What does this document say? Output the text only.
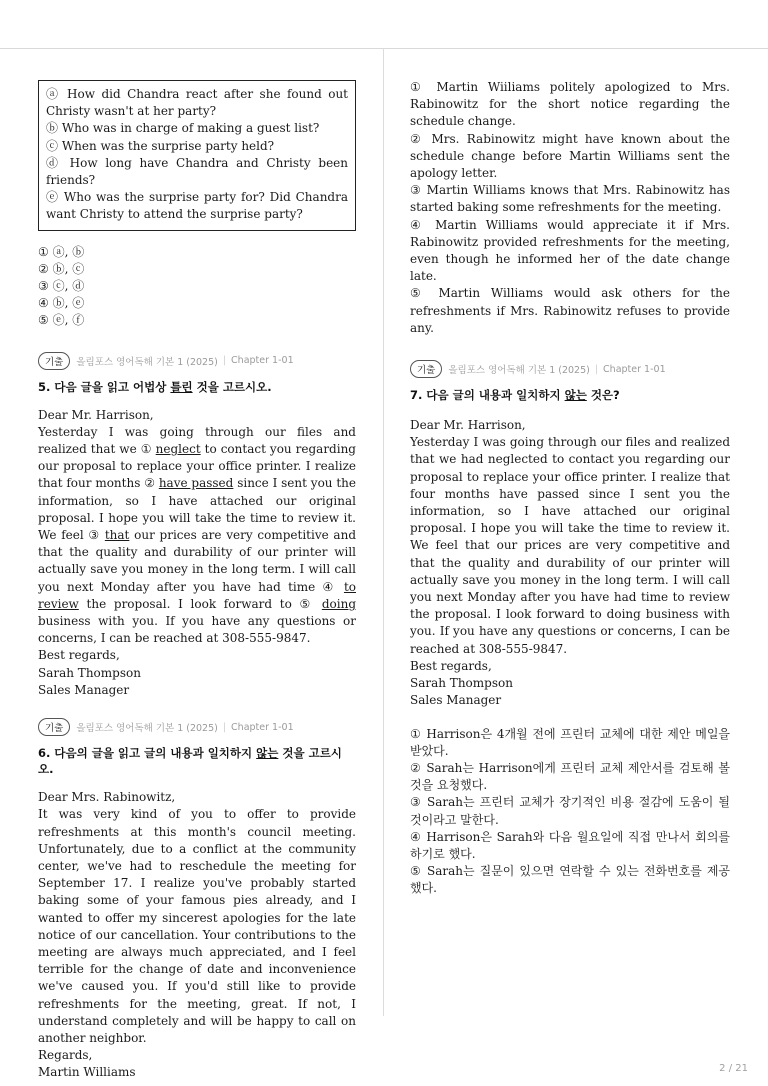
ⓐ How did Chandra react after she found out Christy wasn't at her party?
ⓑ Who was in charge of making a guest list?
ⓒ When was the surprise party held?
ⓓ How long have Chandra and Christy been friends?
ⓔ Who was the surprise party for? Did Chandra want Christy to attend the surprise party?
① ⓐ, ⓑ
② ⓑ, ⓒ
③ ⓒ, ⓓ
④ ⓑ, ⓔ
⑤ ⓔ, ⓕ
기출	올림포스 영어독해 기본 1 (2025) | Chapter 1-01
5. 다음 글을 읽고 어법상 틀린 것을 고르시오.

Dear Mr. Harrison,

Yesterday I was going through our files and realized that we ① neglect to contact you regarding our proposal to replace your office printer. I realize that four months ② have passed since I sent you the information, so I have attached our original proposal. I hope you will take the time to review it. We feel ③ that our prices are very competitive and that the quality and durability of our printer will actually save you money in the long term. I will call you next Monday after you have had time ④ to review the proposal. I look forward to ⑤ doing business with you. If you have any questions or concerns, I can be reached at 308-555-9847.

Best regards,

Sarah Thompson

Sales Manager

기출	올림포스 영어독해 기본 1 (2025) | Chapter 1-01
6. 다음의 글을 읽고 글의 내용과 일치하지 않는 것을 고르시오.

Dear Mrs. Rabinowitz,

It was very kind of you to offer to provide refreshments at this month's council meeting. Unfortunately, due to a conflict at the community center, we've had to reschedule the meeting for September 17. I realize you've probably started baking some of your famous pies already, and I wanted to offer my sincerest apologies for the late notice of our cancellation. Your contributions to the meeting are always much appreciated, and I feel terrible for the change of date and inconvenience we've caused you. If you'd still like to provide refreshments for the meeting, great. If not, I understand completely and will be happy to call on another neighbor.

Regards,

Martin Williams

① Martin Wiiliams politely apologized to Mrs. Rabinowitz for the short notice regarding the schedule change.

② Mrs. Rabinowitz might have known about the schedule change before Martin Williams sent the apology letter.

③ Martin Williams knows that Mrs. Rabinowitz has started baking some refreshments for the meeting.

④ Martin Williams would appreciate it if Mrs. Rabinowitz provided refreshments for the meeting, even though he informed her of the date change late.

⑤ Martin Williams would ask others for the refreshments if Mrs. Rabinowitz refuses to provide any.

기출	올림포스 영어독해 기본 1 (2025) | Chapter 1-01
7. 다음 글의 내용과 일치하지 않는 것은?

Dear Mr. Harrison,

Yesterday I was going through our files and realized that we had neglected to contact you regarding our proposal to replace your office printer. I realize that four months have passed since I sent you the information, so I have attached our original proposal. I hope you will take the time to review it. We feel that our prices are very competitive and that the quality and durability of our printer will actually save you money in the long term. I will call you next Monday after you have had time to review the proposal. I look forward to doing business with you. If you have any questions or concerns, I can be reached at 308-555-9847.

Best regards,

Sarah Thompson

Sales Manager

① Harrison은 4개월 전에 프린터 교체에 대한 제안 메일을 받았다.

② Sarah는 Harrison에게 프린터 교체 제안서를 검토해 볼 것을 요청했다.

③ Sarah는 프린터 교체가 장기적인 비용 절감에 도움이 될 것이라고 말한다.

④ Harrison은 Sarah와 다음 월요일에 직접 만나서 회의를 하기로 했다.

⑤ Sarah는 질문이 있으면 연락할 수 있는 전화번호를 제공했다.

2 / 21
